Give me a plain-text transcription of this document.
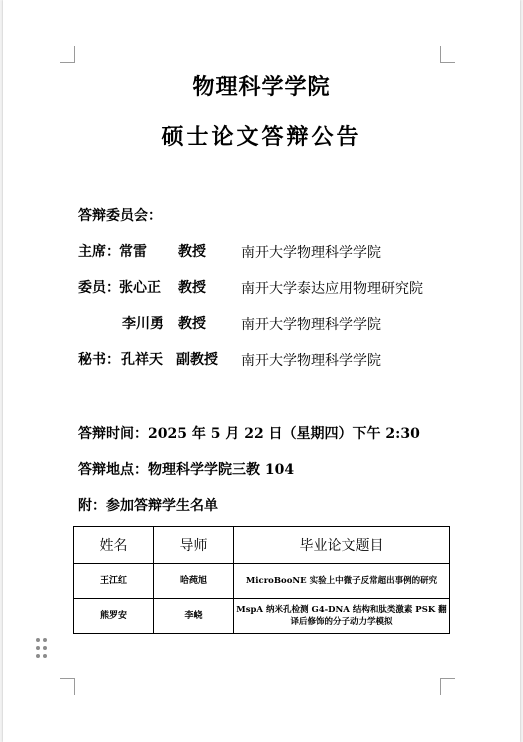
物理科学学院
硕士论文答辩公告
答辩委员会：
主席： 常雷 教授	南开大学物理科学学院
委员： 张心正 教授	南开大学泰达应用物理研究院
李川勇 教授	南开大学物理科学学院
秘书： 孔祥天 副教授 南开大学物理科学学院
答辩时间：2025 年 5 月 22 日（星期四）下午 2:30
答辩地点：物理科学学院三教 104
附：参加答辩学生名单
姓名	导师	毕业论文题目
王江红	哈莼旭	MicroBooNE 实验上中微子反常超出事例的研究
熊罗安	李峣	MspA 纳米孔检测 G4-DNA 结构和肽类激素 PSK 翻译后修饰的分子动力学模拟
